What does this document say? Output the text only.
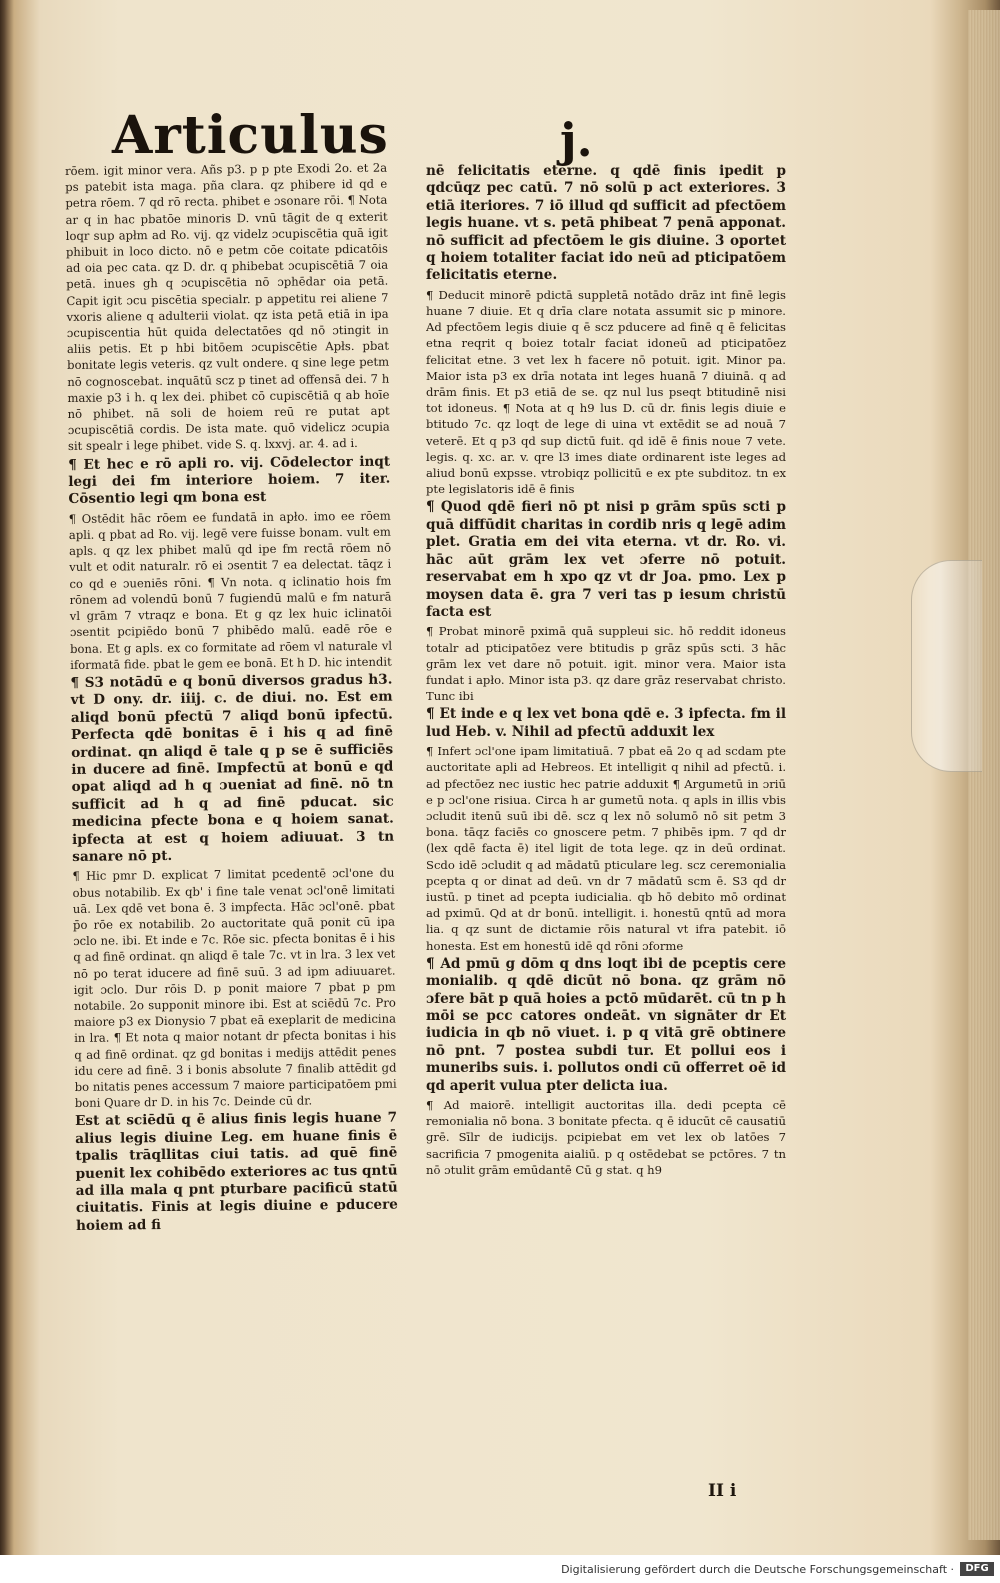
Articulus	j.

rōem. igit minor vera. Añs p3. p p pte Exodi 2o. et 2a ps patebit ista maga. pña clara. qz phibere id qd e petra rōem. 7 qd rō recta. phibet e ɔsonare rōi. ¶ Nota ar q in hac pbatōe minoris D. vnū tāgit de q exterit loqr sup apłm ad Ro. vij. qz videlz ɔcupiscētia quā igit phibuit in loco dicto. nō e petm cōe coitate pdicatōis ad oia pec cata. qz D. dr. q phibebat ɔcupiscētiā 7 oia petā. inues gh q ɔcupiscētia nō ɔphēdar oia petā. Capit igit ɔcu piscētia specialr. p appetitu rei aliene 7 vxoris aliene q adulterii violat. qz ista petā etiā in ipa ɔcupiscentia hūt quida delectatōes qd nō ɔtingit in aliis petis. Et p hbi bitōem ɔcupiscētie Apłs. pbat bonitate legis veteris. qz vult ondere. q sine lege petm nō cognoscebat. inquātū scz p tinet ad offensā dei. 7 h maxie p3 i h. q lex dei. phibet cō cupiscētiā q ab hoīe nō phibet. nā soli de hoiem reū re putat apt ɔcupiscētiā cordis. De ista mate. quō videlicz ɔcupia sit spealr i lege phibet. vide S. q. lxxvj. ar. 4. ad i.

¶ Et hec e rō apli ro. vij. Cōdelector inqt legi dei fm interiore hoiem. 7 iter. Cōsentio legi qm bona est

¶ Ostēdit hāc rōem ee fundatā in apło. imo ee rōem apli. q pbat ad Ro. vij. legē vere fuisse bonam. vult em apls. q qz lex phibet malū qd ipe fm rectā rōem nō vult et odit naturalr. rō ei ɔsentit 7 ea delectat. tāqz i co qd e ɔueniēs rōni. ¶ Vn nota. q iclinatio hois fm rōnem ad volendū bonū 7 fugiendū malū e fm naturā vl grām 7 vtraqz e bona. Et g qz lex huic iclinatōi ɔsentit pcipiēdo bonū 7 phibēdo malū. eadē rōe e bona. Et g apls. ex co formitate ad rōem vl naturale vl iformatā fide. pbat le gem ee bonā. Et h D. hic intendit

¶ S3 notādū e q bonū diversos gradus h3. vt D ony. dr. iiij. c. de diui. no. Est em aliqd bonū pfectū 7 aliqd bonū ipfectū. Perfecta qdē bonitas ē i his q ad finē ordinat. qn aliqd ē tale q p se ē sufficiēs in ducere ad finē. Impfectū at bonū e qd opat aliqd ad h q ɔueniat ad finē. nō tn sufficit ad h q ad finē pducat. sic medicina pfecte bona e q hoiem sanat. ipfecta at est q hoiem adiuuat. 3 tn sanare nō pt.

¶ Hic pmr D. explicat 7 limitat pcedentē ɔcl'one du obus notabilib. Ex qb' i fine tale venat ɔcl'onē limitati uā. Lex qdē vet bona ē. 3 impfecta. Hāc ɔcl'onē. pbat p̄o rōe ex notabilib. 2o auctoritate quā ponit cū ipa ɔclo ne. ibi. Et inde e 7c. Rōe sic. pfecta bonitas ē i his q ad finē ordinat. qn aliqd ē tale 7c. vt in lra. 3 lex vet nō po terat iducere ad finē suū. 3 ad ipm adiuuaret. igit ɔclo. Dur rōis D. p ponit maiore 7 pbat p pm notabile. 2o supponit minore ibi. Est at sciēdū 7c. Pro maiore p3 ex Dionysio 7 pbat eā exeplarit de medicina in lra. ¶ Et nota q maior notant dr pfecta bonitas i his q ad finē ordinat. qz gd bonitas i medijs attēdit penes idu cere ad finē. 3 i bonis absolute 7 finalib attēdit gd bo nitatis penes accessum 7 maiore participatōem pmi boni Quare dr D. in his 7c. Deinde cū dr.

Est at sciēdū q ē alius finis legis huane 7 alius legis diuine Leg. em huane finis ē tpalis trāqllitas ciui tatis. ad quē finē puenit lex cohibēdo exteriores ac tus qntū ad illa mala q pnt pturbare pacificū statū ciuitatis. Finis at legis diuine e pducere hoiem ad fi

nē felicitatis eterne. q qdē finis ipedit p qdcūqz pec catū. 7 nō solū p act exteriores. 3 etiā iteriores. 7 iō illud qd sufficit ad pfectōem legis huane. vt s. petā phibeat 7 penā apponat. nō sufficit ad pfectōem le gis diuine. 3 oportet q hoiem totaliter faciat ido neū ad pticipatōem felicitatis eterne.

¶ Deducit minorē pdictā suppletā notādo drāz int finē legis huane 7 diuie. Et q drīa clare notata assumit sic p minore. Ad pfectōem legis diuie q ē scz pducere ad finē q ē felicitas etna reqrit q boiez totalr faciat idoneū ad pticipatōez felicitat etne. 3 vet lex h facere nō potuit. igit. Minor pa. Maior ista p3 ex drīa notata int leges huanā 7 diuinā. q ad drām finis. Et p3 etiā de se. qz nul lus pseqt btitudinē nisi tot idoneus. ¶ Nota at q h9 lus D. cū dr. finis legis diuie e btitudo 7c. qz loqt de lege di uina vt extēdit se ad nouā 7 veterē. Et q p3 qd sup dictū fuit. qd idē ē finis noue 7 vete. legis. q. xc. ar. v. qre l3 imes diate ordinarent iste leges ad aliud bonū expsse. vtrobiqz pollicitū e ex pte subditoz. tn ex pte legislatoris idē ē finis

¶ Quod qdē fieri nō pt nisi p grām spūs scti p quā diffūdit charitas in cordib nris q legē adim plet. Gratia em dei vita eterna. vt dr. Ro. vi. hāc aūt grām lex vet ɔferre nō potuit. reservabat em h xpo qz vt dr Joa. pmo. Lex p moysen data ē. gra 7 veri tas p iesum christū facta est

¶ Probat minorē pximā quā suppleui sic. hō reddit idoneus totalr ad pticipatōez vere btitudis p grāz spūs scti. 3 hāc grām lex vet dare nō potuit. igit. minor vera. Maior ista fundat i apło. Minor ista p3. qz dare grāz reservabat christo. Tunc ibi

¶ Et inde e q lex vet bona qdē e. 3 ipfecta. fm il lud Heb. v. Nihil ad pfectū adduxit lex

¶ Infert ɔcl'one ipam limitatiuā. 7 pbat eā 2o q ad scdam pte auctoritate apli ad Hebreos. Et intelligit q nihil ad pfectū. i. ad pfectōez nec iustic hec patrie adduxit ¶ Argumetū in ɔriū e p ɔcl'one risiua. Circa h ar gumetū nota. q apls in illis vbis ɔcludit itenū suū ibi dē. scz q lex nō solumō nō sit petm 3 bona. tāqz faciēs co gnoscere petm. 7 phibēs ipm. 7 qd dr (lex qdē facta ē) itel ligit de tota lege. qz in deū ordinat. Scdo idē ɔcludit q ad mādatū pticulare leg. scz ceremonialia pcepta q or dinat ad deū. vn dr 7 mādatū scm ē. S3 qd dr iustū. p tinet ad pcepta iudicialia. qb hō debito mō ordinat ad pximū. Qd at dr bonū. intelligit. i. honestū qntū ad mora lia. q qz sunt de dictamie rōis natural vt ifra patebit. iō honesta. Est em honestū idē qd rōni ɔforme

¶ Ad pmū g dōm q dns loqt ibi de pceptis cere monialib. q qdē dicūt nō bona. qz grām nō ɔfere bāt p quā hoies a pctō mūdarēt. cū tn p h mōi se pcc catores ondeāt. vn signāter dr Et iudicia in qb nō viuet. i. p q vitā grē obtinere nō pnt. 7 postea subdi tur. Et pollui eos i muneribs suis. i. pollutos ondi cū offerret oē id qd aperit vulua pter delicta iua.

¶ Ad maiorē. intelligit auctoritas illa. dedi pcepta cē remonialia nō bona. 3 bonitate pfecta. q ē iducūt cē causatiū grē. Sīlr de iudicijs. pcipiebat em vet lex ob latōes 7 sacrificia 7 pmogenita aialiū. p q ostēdebat se pctōres. 7 tn nō ɔtulit grām emūdantē Cū g stat. q h9

II i
Digitalisierung gefördert durch die Deutsche Forschungsgemeinschaft ·	DFG
